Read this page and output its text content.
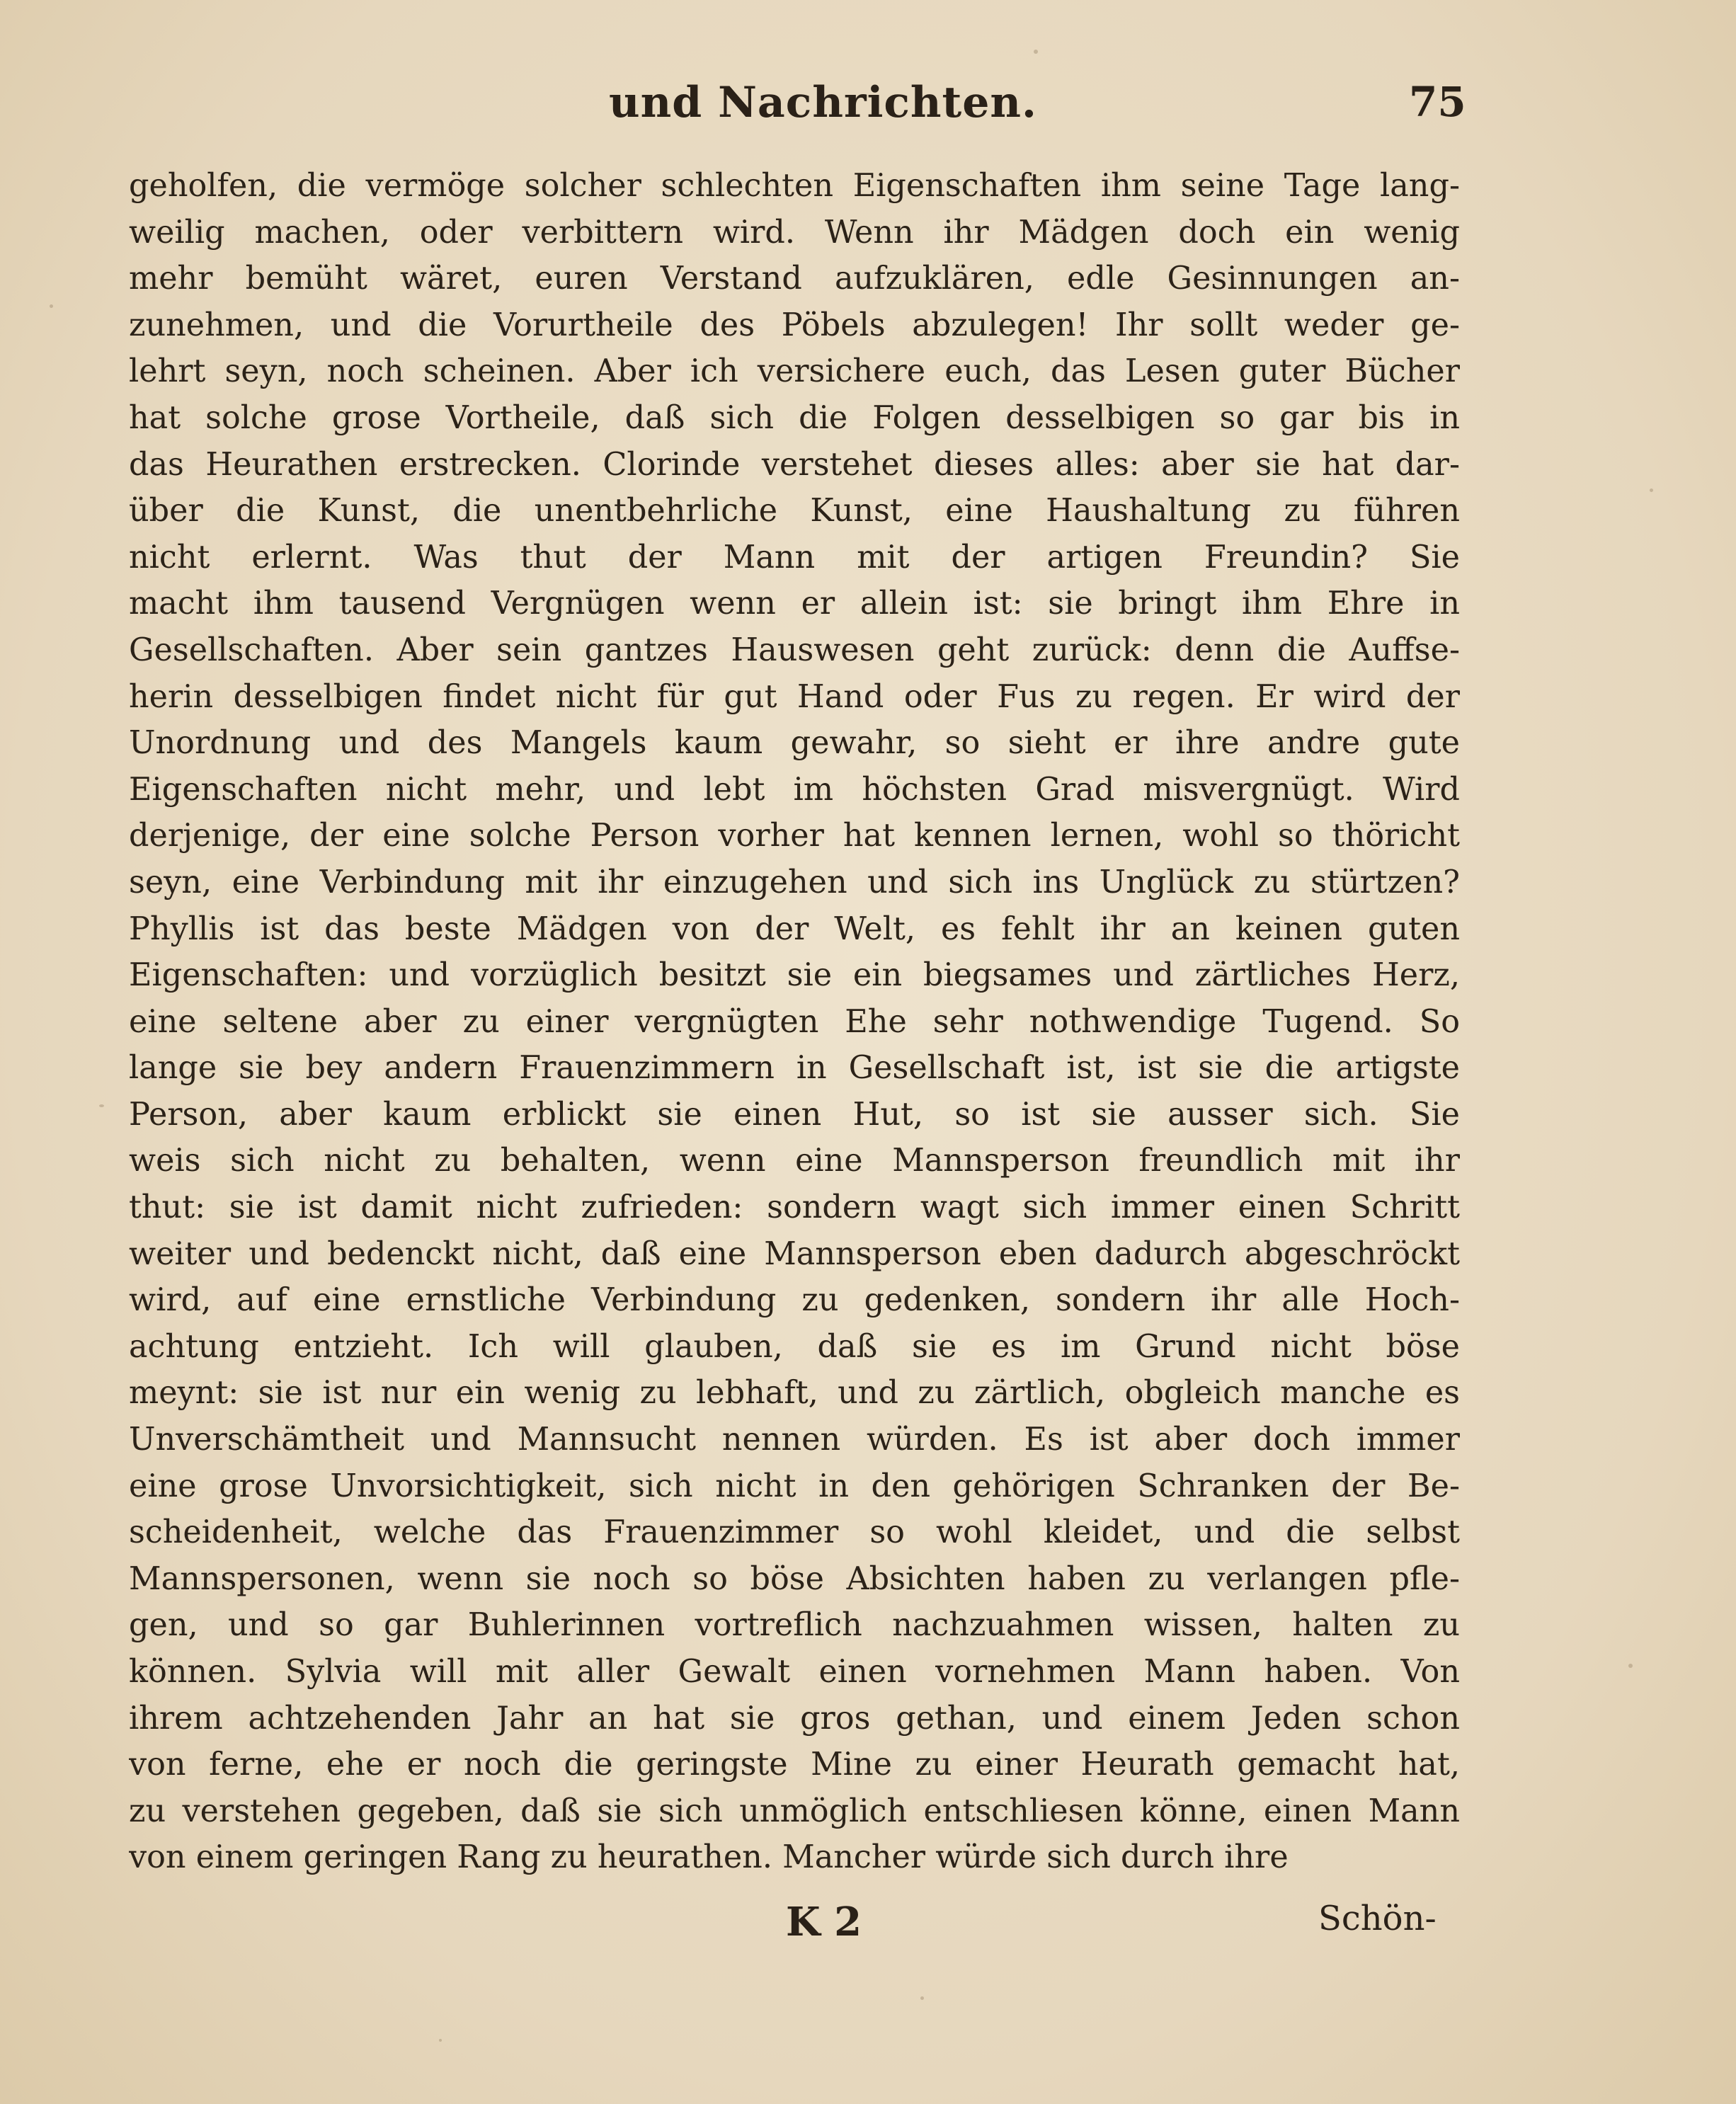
und Nachrichten.	75
geholfen, die vermöge solcher schlechten Eigenschaften ihm seine Tage lang-
weilig machen, oder verbittern wird. Wenn ihr Mädgen doch ein wenig
mehr bemüht wäret, euren Verstand aufzuklären, edle Gesinnungen an-
zunehmen, und die Vorurtheile des Pöbels abzulegen! Ihr sollt weder ge-
lehrt seyn, noch scheinen. Aber ich versichere euch, das Lesen guter Bücher
hat solche grose Vortheile, daß sich die Folgen desselbigen so gar bis in
das Heurathen erstrecken. Clorinde verstehet dieses alles: aber sie hat dar-
über die Kunst, die unentbehrliche Kunst, eine Haushaltung zu führen
nicht erlernt. Was thut der Mann mit der artigen Freundin? Sie
macht ihm tausend Vergnügen wenn er allein ist: sie bringt ihm Ehre in
Gesellschaften. Aber sein gantzes Hauswesen geht zurück: denn die Auffse-
herin desselbigen findet nicht für gut Hand oder Fus zu regen. Er wird der
Unordnung und des Mangels kaum gewahr, so sieht er ihre andre gute
Eigenschaften nicht mehr, und lebt im höchsten Grad misvergnügt. Wird
derjenige, der eine solche Person vorher hat kennen lernen, wohl so thöricht
seyn, eine Verbindung mit ihr einzugehen und sich ins Unglück zu stürtzen?
Phyllis ist das beste Mädgen von der Welt, es fehlt ihr an keinen guten
Eigenschaften: und vorzüglich besitzt sie ein biegsames und zärtliches Herz,
eine seltene aber zu einer vergnügten Ehe sehr nothwendige Tugend. So
lange sie bey andern Frauenzimmern in Gesellschaft ist, ist sie die artigste
Person, aber kaum erblickt sie einen Hut, so ist sie ausser sich. Sie
weis sich nicht zu behalten, wenn eine Mannsperson freundlich mit ihr
thut: sie ist damit nicht zufrieden: sondern wagt sich immer einen Schritt
weiter und bedenckt nicht, daß eine Mannsperson eben dadurch abgeschröckt
wird, auf eine ernstliche Verbindung zu gedenken, sondern ihr alle Hoch-
achtung entzieht. Ich will glauben, daß sie es im Grund nicht böse
meynt: sie ist nur ein wenig zu lebhaft, und zu zärtlich, obgleich manche es
Unverschämtheit und Mannsucht nennen würden. Es ist aber doch immer
eine grose Unvorsichtigkeit, sich nicht in den gehörigen Schranken der Be-
scheidenheit, welche das Frauenzimmer so wohl kleidet, und die selbst
Mannspersonen, wenn sie noch so böse Absichten haben zu verlangen pfle-
gen, und so gar Buhlerinnen vortreflich nachzuahmen wissen, halten zu
können. Sylvia will mit aller Gewalt einen vornehmen Mann haben. Von
ihrem achtzehenden Jahr an hat sie gros gethan, und einem Jeden schon
von ferne, ehe er noch die geringste Mine zu einer Heurath gemacht hat,
zu verstehen gegeben, daß sie sich unmöglich entschliesen könne, einen Mann
von einem geringen Rang zu heurathen. Mancher würde sich durch ihre
K 2	Schön-
